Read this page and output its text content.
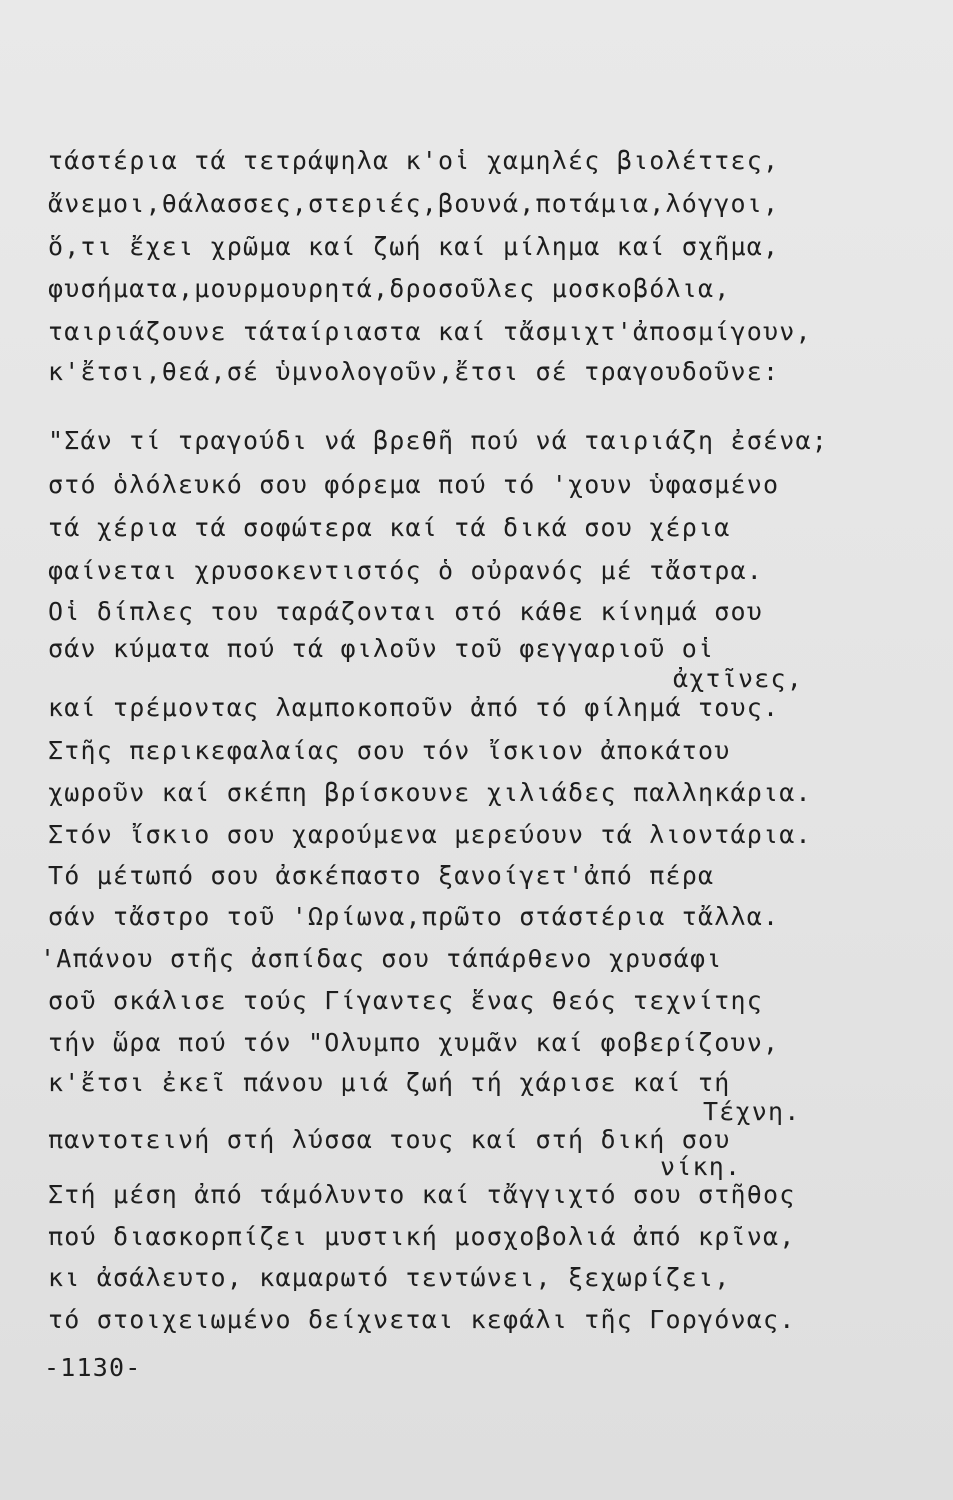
τάστέρια τά τετράψηλα κ'οἱ χαμηλές βιολέττες,

ἄνεμοι,θάλασσες,στεριές,βουνά,ποτάμια,λόγγοι,

ὅ,τι ἔχει χρῶμα καί ζωή καί μίλημα καί σχῆμα,

φυσήματα,μουρμουρητά,δροσοῦλες μοσκοβόλια,

ταιριάζουνε τάταίριαστα καί τἄσμιχτ'ἀποσμίγουν,

κ'ἔτσι,θεά,σέ ὑμνολογοῦν,ἔτσι σέ τραγουδοῦνε:

"Σάν τί τραγούδι νά βρεθῆ πού νά ταιριάζη ἐσένα;

στό ὁλόλευκό σου φόρεμα πού τό 'χουν ὑφασμένο

τά χέρια τά σοφώτερα καί τά δικά σου χέρια

φαίνεται χρυσοκεντιστός ὁ οὐρανός μέ τἄστρα.

Οἱ δίπλες του ταράζονται στό κάθε κίνημά σου

σάν κύματα πού τά φιλοῦν τοῦ φεγγαριοῦ οἱ

ἀχτῖνες,

καί τρέμοντας λαμποκοποῦν ἀπό τό φίλημά τους.

Στῆς περικεφαλαίας σου τόν ἴσκιον ἀποκάτου

χωροῦν καί σκέπη βρίσκουνε χιλιάδες παλληκάρια.

Στόν ἴσκιο σου χαρούμενα μερεύουν τά λιοντάρια.

Τό μέτωπό σου ἀσκέπαστο ξανοίγετ'ἀπό πέρα

σάν τἄστρο τοῦ 'Ωρίωνα,πρῶτο στάστέρια τἄλλα.

'Απάνου στῆς ἀσπίδας σου τάπάρθενο χρυσάφι

σοῦ σκάλισε τούς Γίγαντες ἕνας θεός τεχνίτης

τήν ὥρα πού τόν "Ολυμπο χυμᾶν καί φοβερίζουν,

κ'ἔτσι ἐκεῖ πάνου μιά ζωή τή χάρισε καί τή

Τέχνη.

παντοτεινή στή λύσσα τους καί στή δική σου

νίκη.

Στή μέση ἀπό τάμόλυντο καί τἄγγιχτό σου στῆθος

πού διασκορπίζει μυστική μοσχοβολιά ἀπό κρῖνα,

κι ἀσάλευτο, καμαρωτό τεντώνει, ξεχωρίζει,

τό στοιχειωμένο δείχνεται κεφάλι τῆς Γοργόνας.

-1130-
